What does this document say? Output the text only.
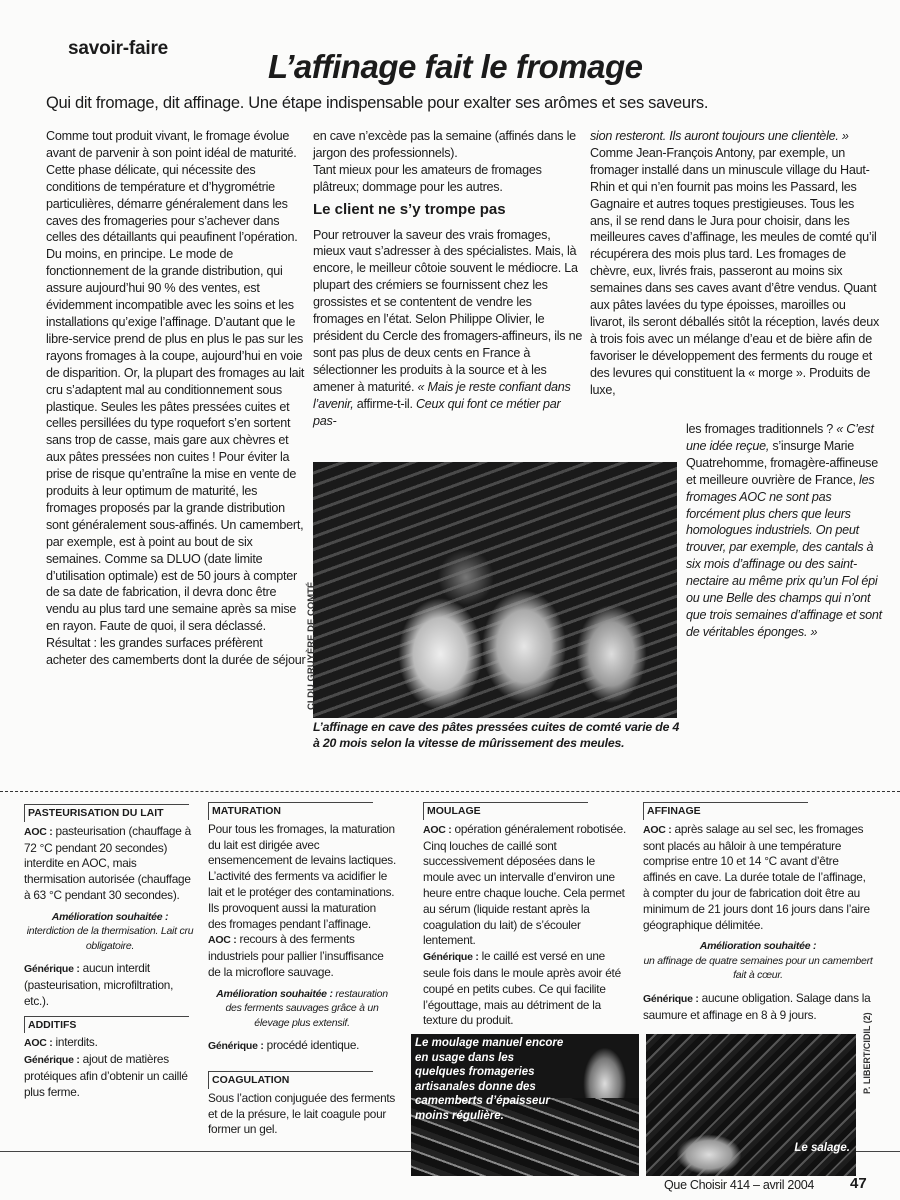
savoir-faire	L’affinage fait le fromage
Qui dit fromage, dit affinage. Une étape indispensable pour exalter ses arômes et ses saveurs.

Comme tout produit vivant, le fromage évolue avant de parvenir à son point idéal de maturité. Cette phase délicate, qui nécessite des conditions de température et d’hygrométrie particulières, démarre généralement dans les caves des fromageries pour s’achever dans celles des détaillants qui peaufinent l’opération. Du moins, en principe. Le mode de fonctionnement de la grande distribution, qui assure aujourd’hui 90 % des ventes, est évidemment incompatible avec les soins et les installations qu’exige l’affinage. D’autant que le libre-service prend de plus en plus le pas sur les rayons fromages à la coupe, aujourd’hui en voie de disparition. Or, la plupart des fromages au lait cru s’adaptent mal au conditionnement sous plastique. Seules les pâtes pressées cuites et celles persillées du type roquefort s’en sortent sans trop de casse, mais gare aux chèvres et aux pâtes pressées non cuites ! Pour éviter la prise de risque qu’entraîne la mise en vente de produits à leur optimum de maturité, les fromages proposés par la grande distribution sont généralement sous-affinés. Un camembert, par exemple, est à point au bout de six semaines. Comme sa DLUO (date limite d’utilisation optimale) est de 50 jours à compter de sa date de fabrication, il devra donc être vendu au plus tard une semaine après sa mise en rayon. Faute de quoi, il sera déclassé. Résultat : les grandes surfaces préfèrent acheter des camemberts dont la durée de séjour

en cave n’excède pas la semaine (affinés dans le jargon des professionnels).

Tant mieux pour les amateurs de fromages plâtreux; dommage pour les autres.

Le client ne s’y trompe pas

Pour retrouver la saveur des vrais fromages, mieux vaut s’adresser à des spécialistes. Mais, là encore, le meilleur côtoie souvent le médiocre. La plupart des crémiers se fournissent chez les grossistes et se contentent de vendre les fromages en l’état. Selon Philippe Olivier, le président du Cercle des fromagers-affineurs, ils ne sont pas plus de deux cents en France à sélectionner les produits à la source et à les amener à maturité. « Mais je reste confiant dans l’avenir, affirme-t-il. Ceux qui font ce métier par pas-

sion resteront. Ils auront toujours une clientèle. » Comme Jean-François Antony, par exemple, un fromager installé dans un minuscule village du Haut-Rhin et qui n’en fournit pas moins les Passard, les Gagnaire et autres toques prestigieuses. Tous les ans, il se rend dans le Jura pour choisir, dans les meilleures caves d’affinage, les meules de comté qu’il récupérera des mois plus tard. Les fromages de chèvre, eux, livrés frais, passeront au moins six semaines dans ses caves avant d’être vendus. Quant aux pâtes lavées du type époisses, maroilles ou livarot, ils seront déballés sitôt la réception, lavés deux à trois fois avec un mélange d’eau et de bière afin de favoriser le développement des ferments du rouge et des levures qui constituent la « morge ». Produits de luxe,

les fromages traditionnels ? « C’est une idée reçue, s’insurge Marie Quatrehomme, fromagère-affineuse et meilleure ouvrière de France, les fromages AOC ne sont pas forcément plus chers que leurs homologues industriels. On peut trouver, par exemple, des cantals à six mois d’affinage ou des saint-nectaire au même prix qu’un Fol épi ou une Belle des champs qui n’ont que trois semaines d’affinage et sont de véritables éponges. »

CI DU GRUYÈRE DE COMTÉ
L’affinage en cave des pâtes pressées cuites de comté varie de 4 à 20 mois selon la vitesse de mûrissement des meules.
PASTEURISATION DU LAIT

AOC : pasteurisation (chauffage à 72 °C pendant 20 secondes) interdite en AOC, mais thermisation autorisée (chauffage à 63 °C pendant 30 secondes).

Amélioration souhaitée :
interdiction de la thermisation. Lait cru obligatoire.

Générique : aucun interdit (pasteurisation, microfiltration, etc.).

ADDITIFS

AOC : interdits.

Générique : ajout de matières protéiques afin d’obtenir un caillé plus ferme.

MATURATION

Pour tous les fromages, la maturation du lait est dirigée avec ensemencement de levains lactiques. L’activité des ferments va acidifier le lait et le protéger des contaminations. Ils provoquent aussi la maturation des fromages pendant l’affinage.

AOC : recours à des ferments industriels pour pallier l’insuffisance de la microflore sauvage.

Amélioration souhaitée : restauration des ferments sauvages grâce à un élevage plus extensif.

Générique : procédé identique.

COAGULATION

Sous l’action conjuguée des ferments et de la présure, le lait coagule pour former un gel.

MOULAGE

AOC : opération généralement robotisée. Cinq louches de caillé sont successivement déposées dans le moule avec un intervalle d’environ une heure entre chaque louche. Cela permet au sérum (liquide restant après la coagulation du lait) de s’écouler lentement.

Générique : le caillé est versé en une seule fois dans le moule après avoir été coupé en petits cubes. Ce qui facilite l’égouttage, mais au détriment de la texture du produit.

AFFINAGE

AOC : après salage au sel sec, les fromages sont placés au hâloir à une température comprise entre 10 et 14 °C avant d’être affinés en cave. La durée totale de l’affinage, à compter du jour de fabrication doit être au minimum de 21 jours dont 16 jours dans l’aire géographique délimitée.

Amélioration souhaitée :
un affinage de quatre semaines pour un camembert fait à cœur.

Générique : aucune obligation. Salage dans la saumure et affinage en 8 à 9 jours.

Le moulage manuel encore en usage dans les quelques fromageries artisanales donne des camemberts d’épaisseur moins régulière.
Le salage.
P. LIBERT/CIDIL (2)
Que Choisir 414 – avril 2004 47
